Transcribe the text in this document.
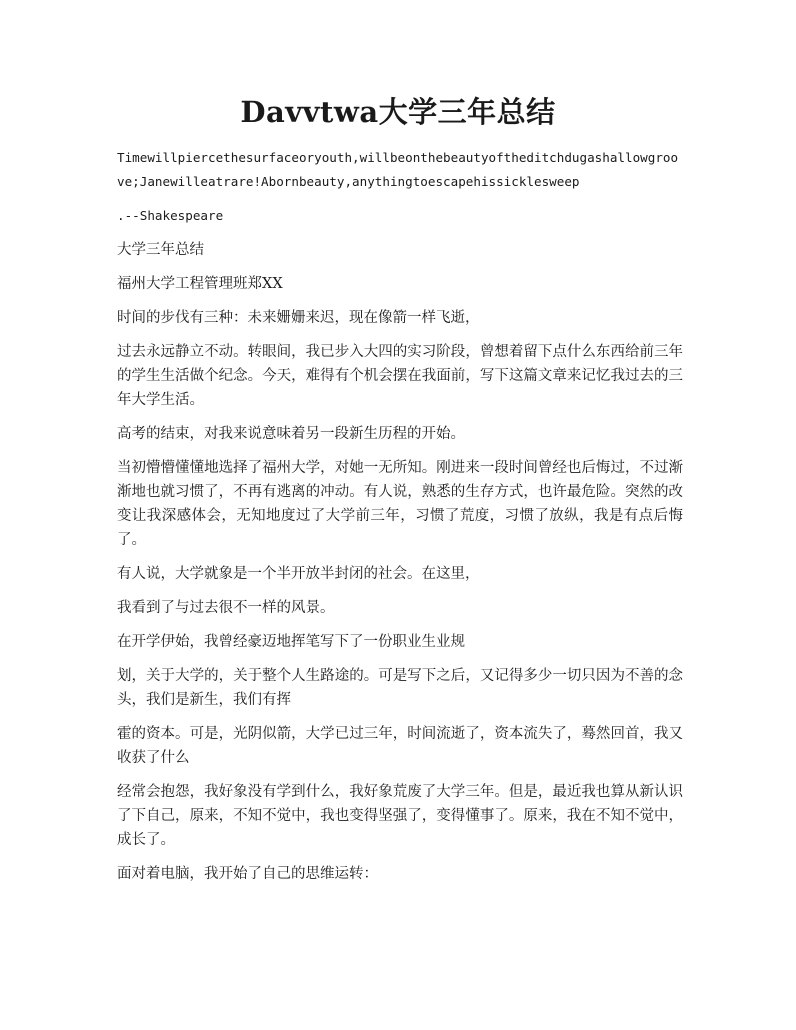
Davvtwa大学三年总结

Timewillpiercethesurfaceoryouth,willbeonthebeautyoftheditchdugashallowgroove;Janewilleatrare!Abornbeauty,anythingtoescapehissicklesweep

.--Shakespeare

大学三年总结

福州大学工程管理班郑XX

时间的步伐有三种：未来姗姗来迟，现在像箭一样飞逝，

过去永远静立不动。转眼间，我已步入大四的实习阶段，曾想着留下点什么东西给前三年的学生生活做个纪念。今天，难得有个机会摆在我面前，写下这篇文章来记忆我过去的三年大学生活。

高考的结束，对我来说意味着另一段新生历程的开始。

当初懵懵懂懂地选择了福州大学，对她一无所知。刚进来一段时间曾经也后悔过，不过渐渐地也就习惯了，不再有逃离的冲动。有人说，熟悉的生存方式，也许最危险。突然的改变让我深感体会，无知地度过了大学前三年，习惯了荒度，习惯了放纵，我是有点后悔了。

有人说，大学就象是一个半开放半封闭的社会。在这里，

我看到了与过去很不一样的风景。

在开学伊始，我曾经豪迈地挥笔写下了一份职业生业规

划，关于大学的，关于整个人生路途的。可是写下之后，又记得多少一切只因为不善的念头，我们是新生，我们有挥

霍的资本。可是，光阴似箭，大学已过三年，时间流逝了，资本流失了，蓦然回首，我又收获了什么

经常会抱怨，我好象没有学到什么，我好象荒废了大学三年。但是，最近我也算从新认识了下自己，原来，不知不觉中，我也变得坚强了，变得懂事了。原来，我在不知不觉中，成长了。

面对着电脑，我开始了自己的思维运转：
